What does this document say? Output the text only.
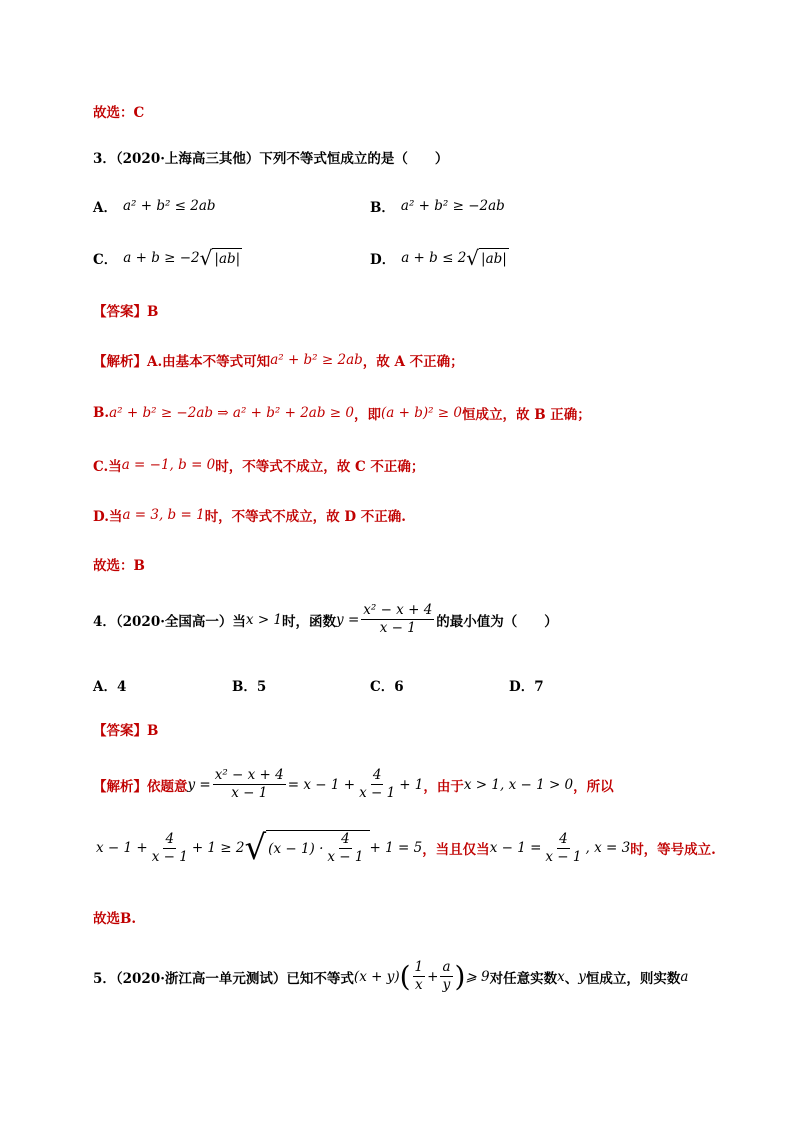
故选：C
3．（2020·上海高三其他）下列不等式恒成立的是（　　）
A． a² + b² ≤ 2ab	B． a² + b² ≥ −2ab
C． a + b ≥ −2 √ |ab|	D． a + b ≤ 2 √ |ab|
【答案】B
【解析】A.由基本不等式可知 a² + b² ≥ 2ab ，故 A 不正确；
B. a² + b² ≥ −2ab ⇒ a² + b² + 2ab ≥ 0 ，即 (a + b)² ≥ 0 恒成立，故 B 正确；
C.当 a = −1, b = 0 时，不等式不成立，故 C 不正确；
D.当 a = 3, b = 1 时，不等式不成立，故 D 不正确.
故选：B
4．（2020·全国高一）当 x > 1 时，函数 $y = \frac{\text{x² − x + 4}}{x - 1}$ 的最小值为（　　）
A．4	B．5	C．6	D．7
【答案】B
【解析】依题意 $y = \frac{\text{x² − x + 4}}{x - 1} = x - 1 + \frac{4}{x - 1} + 1$ ，由于 x > 1, x − 1 > 0 ，所以
$x - 1 + \frac{4}{x - 1} + 1 \ge 2$ √ $(x - 1) \cdot \frac{4}{x - 1} + 1 = 5$ ，当且仅当 $x - 1 = \frac{4}{x - 1}$ , x = 3 时，等号成立.
故选B.
5．（2020·浙江高一单元测试）已知不等式 (x + y) ( $\frac{1}{x} + \frac{a}{y}$ ) ⩾ 9 对任意实数 x 、 y 恒成立，则实数 a
